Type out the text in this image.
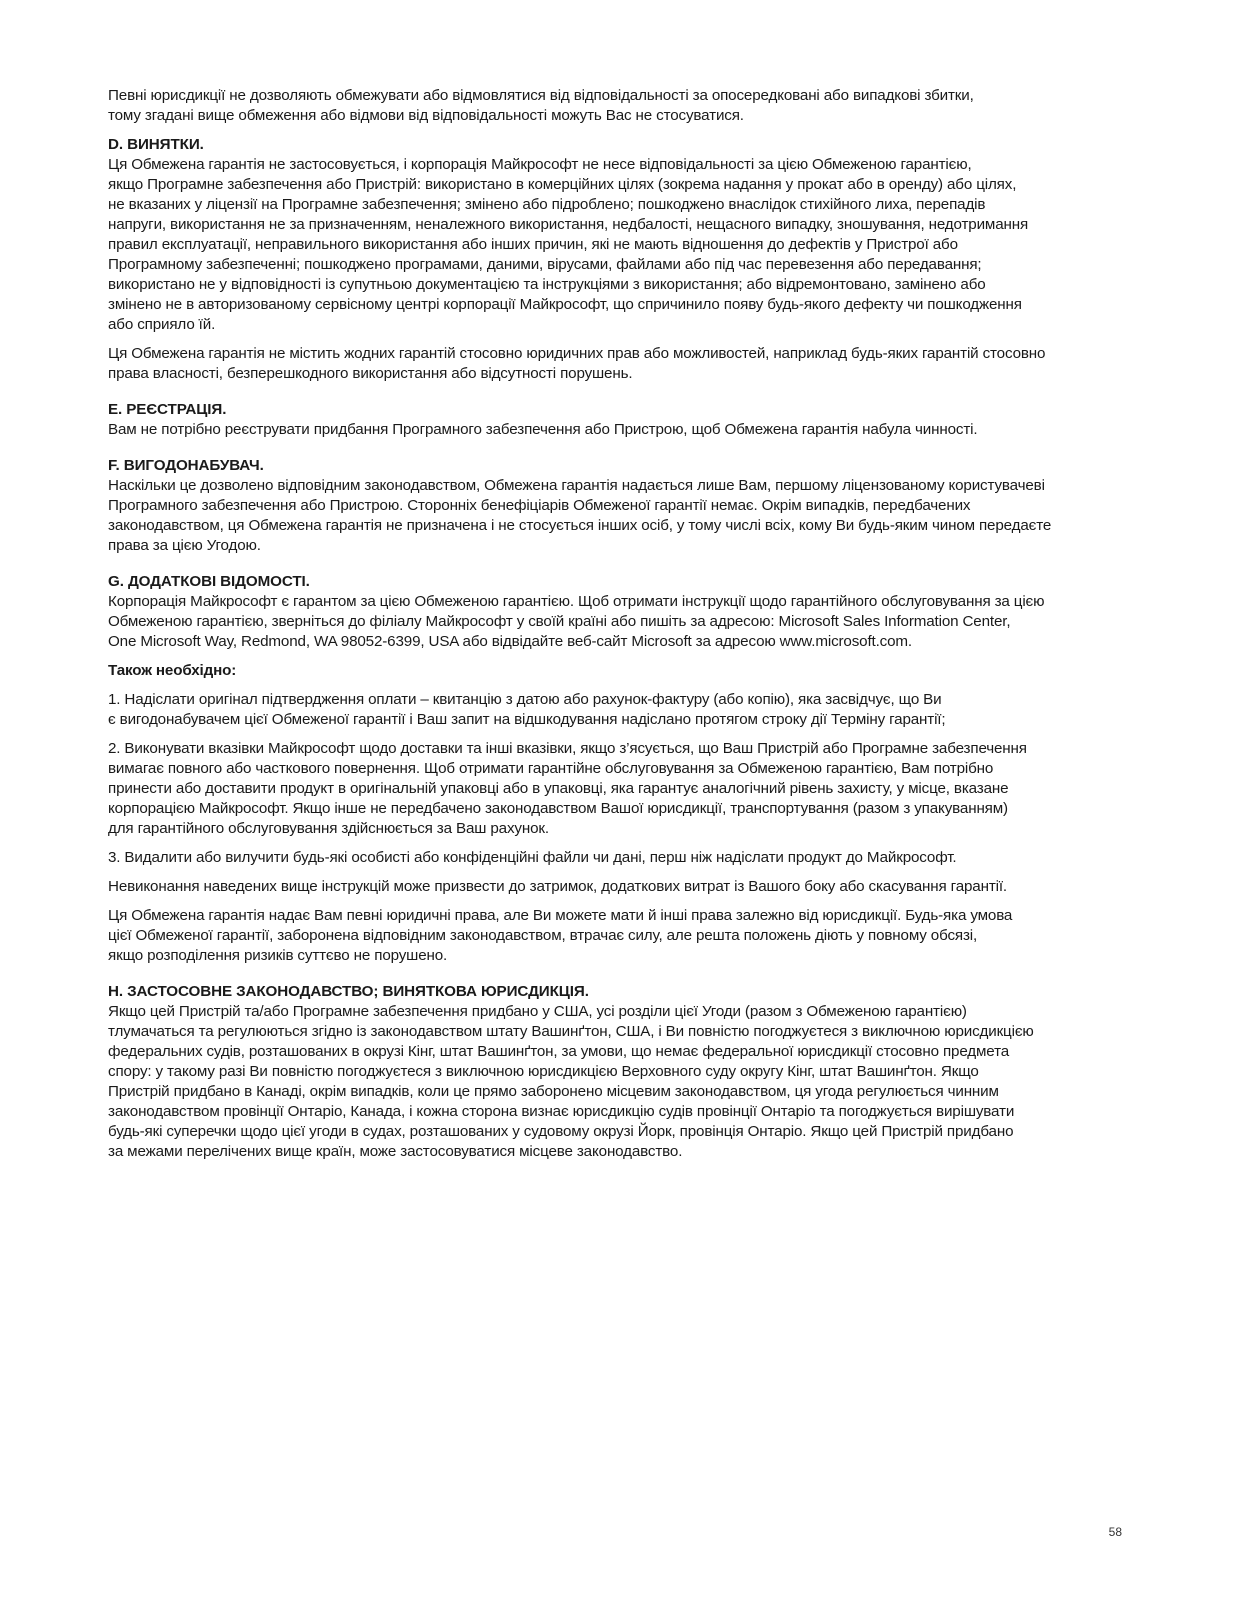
Певні юрисдикції не дозволяють обмежувати або відмовлятися від відповідальності за опосередковані або випадкові збитки,
тому згадані вище обмеження або відмови від відповідальності можуть Вас не стосуватися.

D. ВИНЯТКИ.

Ця Обмежена гарантія не застосовується, і корпорація Майкрософт не несе відповідальності за цією Обмеженою гарантією,
якщо Програмне забезпечення або Пристрій: використано в комерційних цілях (зокрема надання у прокат або в оренду) або цілях,
не вказаних у ліцензії на Програмне забезпечення; змінено або підроблено; пошкоджено внаслідок стихійного лиха, перепадів
напруги, використання не за призначенням, неналежного використання, недбалості, нещасного випадку, зношування, недотримання
правил експлуатації, неправильного використання або інших причин, які не мають відношення до дефектів у Пристрої або
Програмному забезпеченні; пошкоджено програмами, даними, вірусами, файлами або під час перевезення або передавання;
використано не у відповідності із супутньою документацією та інструкціями з використання; або відремонтовано, замінено або
змінено не в авторизованому сервісному центрі корпорації Майкрософт, що спричинило появу будь-якого дефекту чи пошкодження
або сприяло їй.

Ця Обмежена гарантія не містить жодних гарантій стосовно юридичних прав або можливостей, наприклад будь-яких гарантій стосовно
права власності, безперешкодного використання або відсутності порушень.

E. РЕЄСТРАЦІЯ.

Вам не потрібно реєструвати придбання Програмного забезпечення або Пристрою, щоб Обмежена гарантія набула чинності.

F. ВИГОДОНАБУВАЧ.

Наскільки це дозволено відповідним законодавством, Обмежена гарантія надається лише Вам, першому ліцензованому користувачеві
Програмного забезпечення або Пристрою. Сторонніх бенефіціарів Обмеженої гарантії немає. Окрім випадків, передбачених
законодавством, ця Обмежена гарантія не призначена і не стосується інших осіб, у тому числі всіх, кому Ви будь-яким чином передаєте
права за цією Угодою.

G. ДОДАТКОВІ ВІДОМОСТІ.

Корпорація Майкрософт є гарантом за цією Обмеженою гарантією. Щоб отримати інструкції щодо гарантійного обслуговування за цією
Обмеженою гарантією, зверніться до філіалу Майкрософт у своїй країні або пишіть за адресою: Microsoft Sales Information Center,
One Microsoft Way, Redmond, WA 98052-6399, USA або відвідайте веб-сайт Microsoft за адресою www.microsoft.com.

Також необхідно:

1. Надіслати оригінал підтвердження оплати – квитанцію з датою або рахунок-фактуру (або копію), яка засвідчує, що Ви
є вигодонабувачем цієї Обмеженої гарантії і Ваш запит на відшкодування надіслано протягом строку дії Терміну гарантії;

2. Виконувати вказівки Майкрософт щодо доставки та інші вказівки, якщо з’ясується, що Ваш Пристрій або Програмне забезпечення
вимагає повного або часткового повернення. Щоб отримати гарантійне обслуговування за Обмеженою гарантією, Вам потрібно
принести або доставити продукт в оригінальній упаковці або в упаковці, яка гарантує аналогічний рівень захисту, у місце, вказане
корпорацією Майкрософт. Якщо інше не передбачено законодавством Вашої юрисдикції, транспортування (разом з упакуванням)
для гарантійного обслуговування здійснюється за Ваш рахунок.

3. Видалити або вилучити будь-які особисті або конфіденційні файли чи дані, перш ніж надіслати продукт до Майкрософт.

Невиконання наведених вище інструкцій може призвести до затримок, додаткових витрат із Вашого боку або скасування гарантії.

Ця Обмежена гарантія надає Вам певні юридичні права, але Ви можете мати й інші права залежно від юрисдикції. Будь-яка умова
цієї Обмеженої гарантії, заборонена відповідним законодавством, втрачає силу, але решта положень діють у повному обсязі,
якщо розподілення ризиків суттєво не порушено.

H. ЗАСТОСОВНЕ ЗАКОНОДАВСТВО; ВИНЯТКОВА ЮРИСДИКЦІЯ.

Якщо цей Пристрій та/або Програмне забезпечення придбано у США, усі розділи цієї Угоди (разом з Обмеженою гарантією)
тлумачаться та регулюються згідно із законодавством штату Вашинґтон, США, і Ви повністю погоджуєтеся з виключною юрисдикцією
федеральних судів, розташованих в окрузі Кінг, штат Вашинґтон, за умови, що немає федеральної юрисдикції стосовно предмета
спору: у такому разі Ви повністю погоджуєтеся з виключною юрисдикцією Верховного суду округу Кінг, штат Вашинґтон. Якщо
Пристрій придбано в Канаді, окрім випадків, коли це прямо заборонено місцевим законодавством, ця угода регулюється чинним
законодавством провінції Онтаріо, Канада, і кожна сторона визнає юрисдикцію судів провінції Онтаріо та погоджується вирішувати
будь-які суперечки щодо цієї угоди в судах, розташованих у судовому окрузі Йорк, провінція Онтаріо. Якщо цей Пристрій придбано
за межами перелічених вище країн, може застосовуватися місцеве законодавство.

58
